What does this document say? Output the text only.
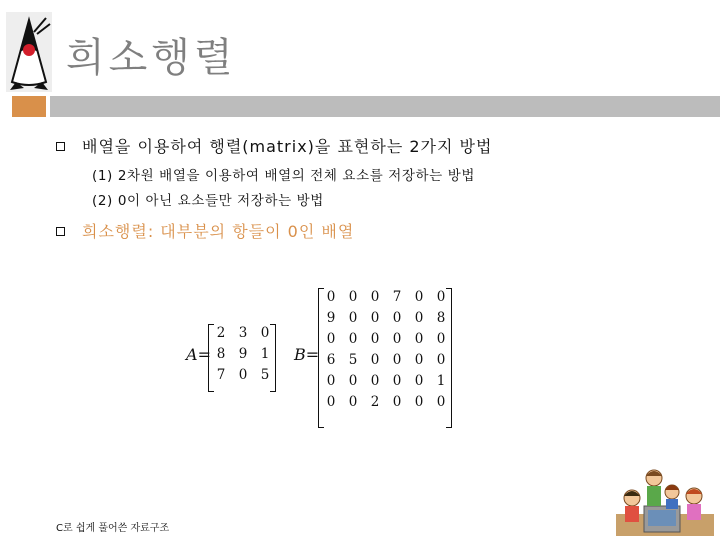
희소행렬
배열을 이용하여 행렬(matrix)을 표현하는 2가지 방법
(1) 2차원 배열을 이용하여 배열의 전체 요소를 저장하는 방법
(2) 0이 아닌 요소들만 저장하는 방법
희소행렬: 대부분의 항들이 0인 배열
A=
2 3 0
8 9 1
7 0 5
B=
0 0 0 7 0 0
9 0 0 0 0 8
0 0 0 0 0 0
6 5 0 0 0 0
0 0 0 0 0 1
0 0 2 0 0 0
C로 쉽게 풀어쓴 자료구조
